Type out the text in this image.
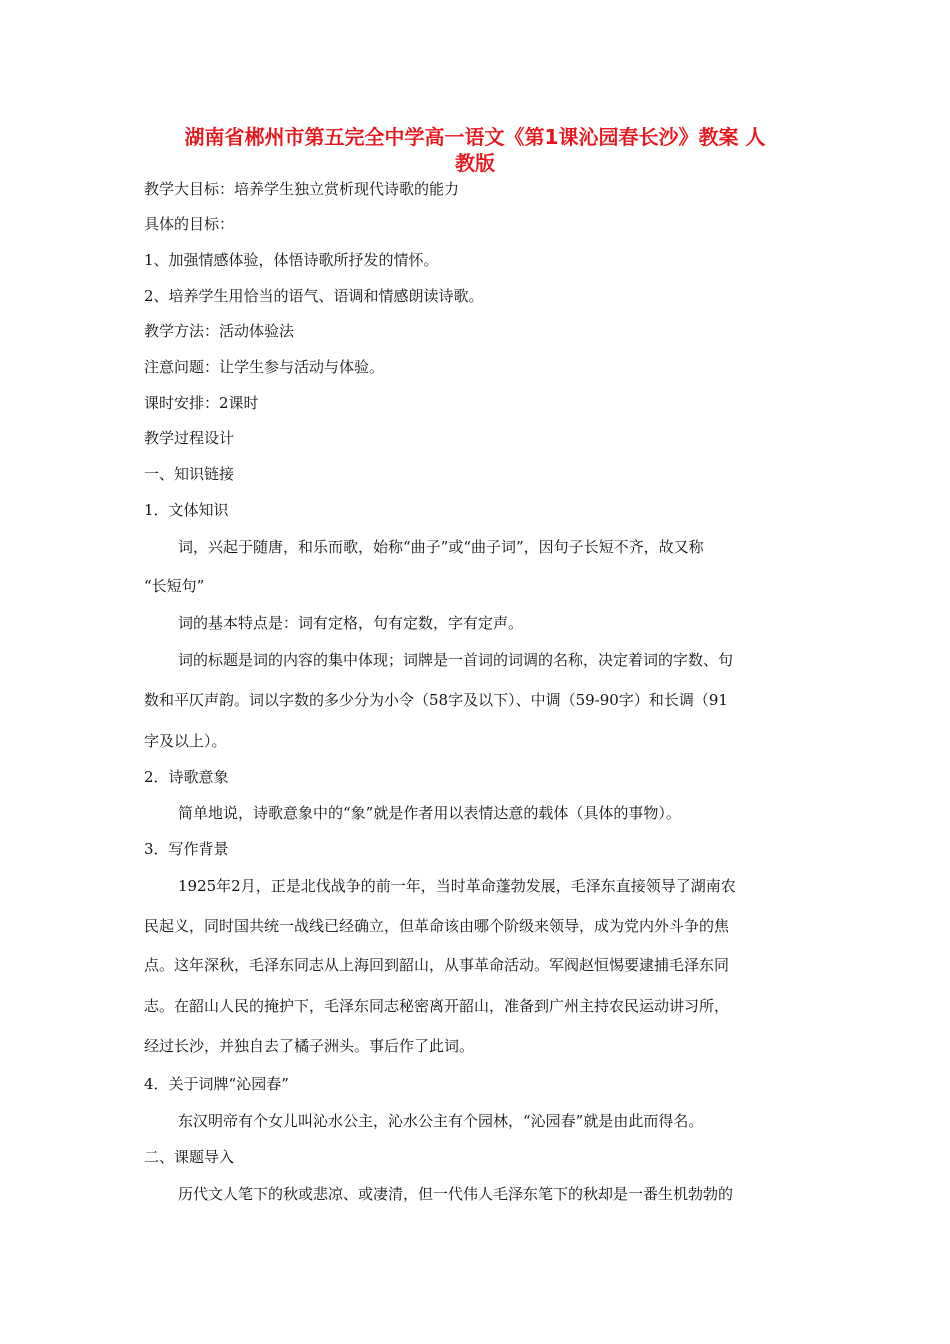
湖南省郴州市第五完全中学高一语文《第1课沁园春长沙》教案 人
教版
教学大目标：培养学生独立赏析现代诗歌的能力
具体的目标：
1、加强情感体验，体悟诗歌所抒发的情怀。
2、培养学生用恰当的语气、语调和情感朗读诗歌。
教学方法：活动体验法
注意问题：让学生参与活动与体验。
课时安排：2课时
教学过程设计
一、知识链接
1．文体知识
词，兴起于随唐，和乐而歌，始称“曲子”或“曲子词”，因句子长短不齐，故又称
“长短句”
词的基本特点是：词有定格，句有定数，字有定声。
词的标题是词的内容的集中体现；词牌是一首词的词调的名称，决定着词的字数、句
数和平仄声韵。词以字数的多少分为小令（58字及以下）、中调（59-90字）和长调（91
字及以上）。
2．诗歌意象
简单地说，诗歌意象中的“象”就是作者用以表情达意的载体（具体的事物）。
3．写作背景
1925年2月，正是北伐战争的前一年，当时革命蓬勃发展，毛泽东直接领导了湖南农
民起义，同时国共统一战线已经确立，但革命该由哪个阶级来领导，成为党内外斗争的焦
点。这年深秋，毛泽东同志从上海回到韶山，从事革命活动。军阀赵恒惕要逮捕毛泽东同
志。在韶山人民的掩护下，毛泽东同志秘密离开韶山，准备到广州主持农民运动讲习所，
经过长沙，并独自去了橘子洲头。事后作了此词。
4．关于词牌“沁园春”
东汉明帝有个女儿叫沁水公主，沁水公主有个园林，“沁园春”就是由此而得名。
二、课题导入
历代文人笔下的秋或悲凉、或凄清，但一代伟人毛泽东笔下的秋却是一番生机勃勃的
